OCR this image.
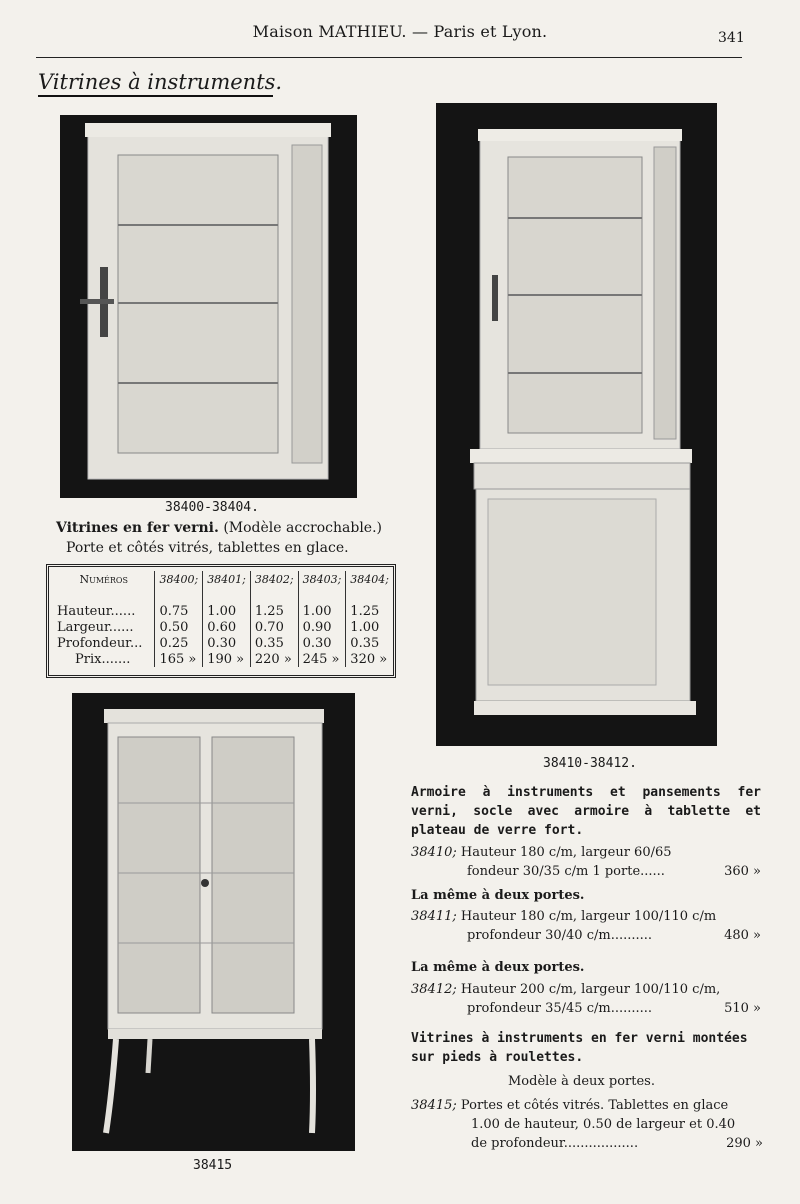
Maison MATHIEU. — Paris et Lyon.	341
Vitrines à instruments.
38400-38404.
Vitrines en fer verni. (Modèle accrochable.)
Porte et côtés vitrés, tablettes en glace.
Numéros	38400;	38401;	38402;	38403;	38404;

Hauteur......	0.75	1.00	1.25	1.00	1.25
Largeur......	0.50	0.60	0.70	0.90	1.00
Profondeur...	0.25	0.30	0.35	0.30	0.35
Prix.......	165 »	190 »	220 »	245 »	320 »
38410-38412.
Armoire à instruments et pansements fer verni, socle avec armoire à tablette et plateau de verre fort.
38410; Hauteur 180 c/m, largeur 60/65
fondeur 30/35 c/m 1 porte......	360 »
La même à deux portes.
38411; Hauteur 180 c/m, largeur 100/110 c/m
profondeur 30/40 c/m..........	480 »
La même à deux portes.
38412; Hauteur 200 c/m, largeur 100/110 c/m,
profondeur 35/45 c/m..........	510 »
Vitrines à instruments en fer verni montées sur pieds à roulettes.
Modèle à deux portes.
38415; Portes et côtés vitrés. Tablettes en glace
1.00 de hauteur, 0.50 de largeur et 0.40
de profondeur..................	290 »
38415
